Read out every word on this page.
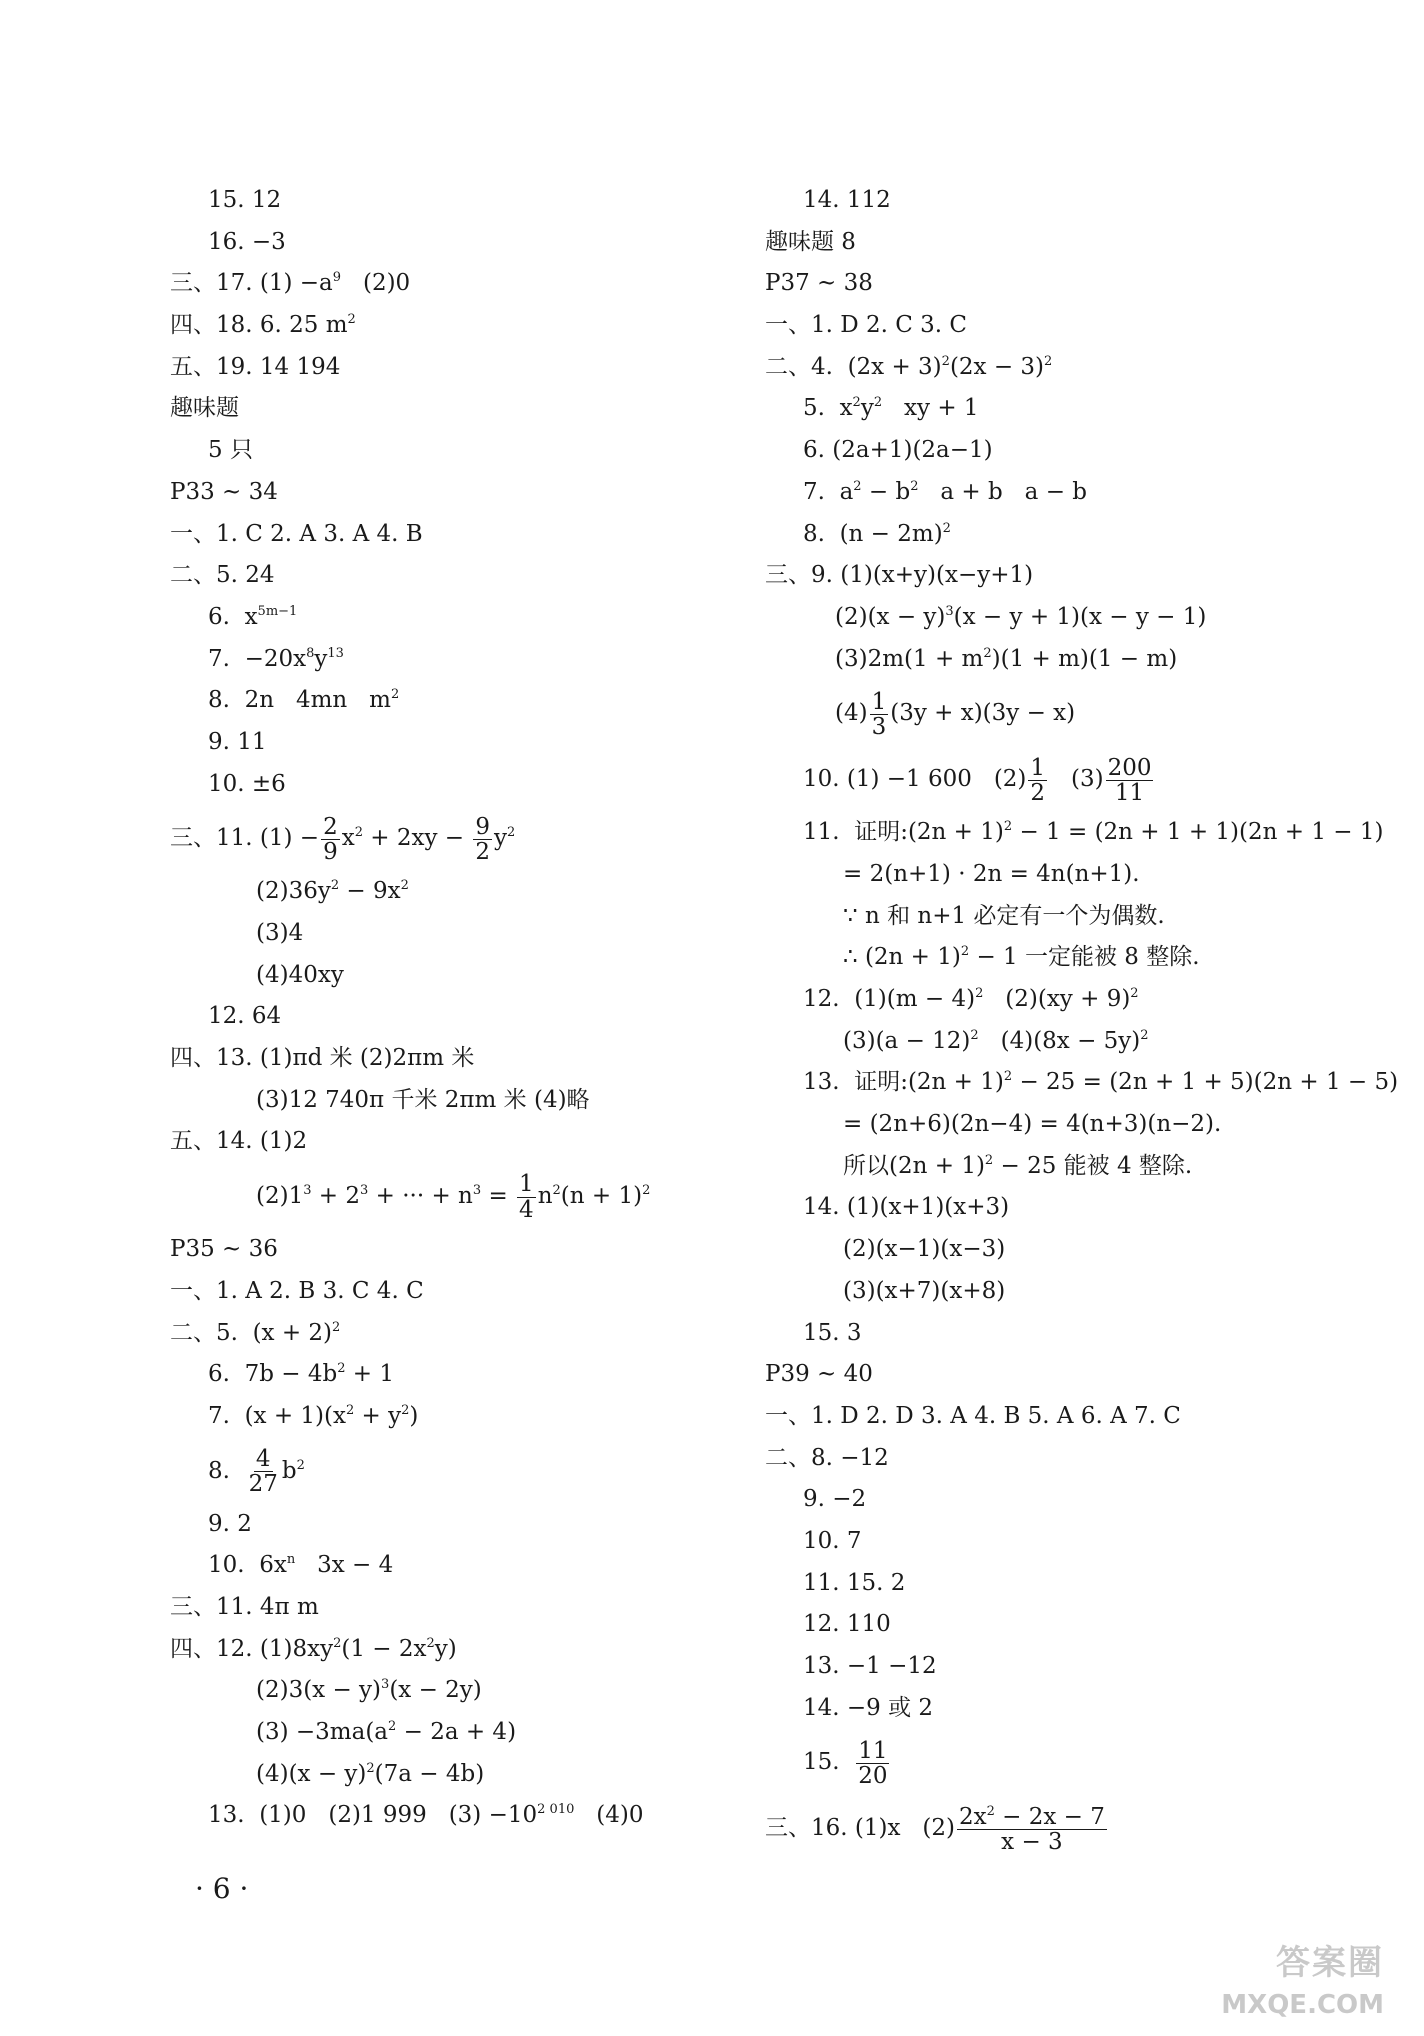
15. 12
16. −3
三、17. $(1) -a^9$   (2)0
四、18. 6. 25 $m^2$
五、19. 14 194
趣味题
5 只
P33 ~ 34
一、1. C 2. A 3. A 4. B
二、5. 24
6.  $x^{5m-1}$
7.  $-20x^8y^{13}$
8.  2n   4mn   $m^2$
9. 11
10. ±6
三、11. $(1) - \frac{2}{9} x^2 + 2xy - \frac{9}{2} y^2$
$(2)36y^2 - 9x^2$
(3)4
(4)40xy
12. 64
四、13. (1)πd 米 (2)2πm 米
(3)12 740π 千米 2πm 米 (4)略
五、14. (1)2
$(2)1^3 + 2^3$ + ··· + $n^3 = \frac{1}{4} n^2(n + 1)^2$
P35 ~ 36
一、1. A 2. B 3. C 4. C
二、5.  $(x + 2)^2$
6.  $7b - 4b^2 + 1$
7.  $(x + 1)(x^2 + y^2)$
8. $\frac{4}{27} b^2$
9. 2
10.  $6x^n$   3x − 4
三、11. 4π m
四、12. $(1)8xy^2(1 - 2x^2y)$
$(2)3(x - y)^3(x - 2y)$
$(3) -3ma(a^2 - 2a + 4)$
$(4)(x - y)^2(7a - 4b)$
13.  (1)0   (2)1 999   $(3) -10^{2 010}$   (4)0
14. 112
趣味题 8
P37 ~ 38
一、1. D 2. C 3. C
二、4.  $(2x + 3)^2(2x - 3)^2$
5.  $x^2y^2$   xy + 1
6. (2a+1)(2a−1)
7.  $a^2 - b^2$   a + b   a − b
8.  $(n - 2m)^2$
三、9. (1)(x+y)(x−y+1)
$(2)(x - y)^3(x - y + 1)(x - y - 1)$
$(3)2m(1 + m^2)(1 + m)(1 - m)$
$(4) \frac{1}{3} (3y + x)(3y - x)$
10. (1) −1 600   $(2) \frac{1}{2} (3) \frac{200}{11}$
11.  证明:(2n + 1)$^2$ − 1 = (2n + 1 + 1)(2n + 1 − 1)
= 2(n+1) · 2n = 4n(n+1).
∵ n 和 n+1 必定有一个为偶数.
∴ $(2n + 1)^2 - 1$ 一定能被 8 整除.
12.  $(1)(m - 4)^2$   (2)(xy + 9)$^2$
$(3)(a - 12)^2$   $(4)(8x - 5y)^2$
13.  证明:(2n + 1)$^2$ − 25 = (2n + 1 + 5)(2n + 1 − 5)
= (2n+6)(2n−4) = 4(n+3)(n−2).
所以$(2n + 1)^2 - 25$ 能被 4 整除.
14. (1)(x+1)(x+3)
(2)(x−1)(x−3)
(3)(x+7)(x+8)
15. 3
P39 ~ 40
一、1. D 2. D 3. A 4. B 5. A 6. A 7. C
二、8. −12
9. −2
10. 7
11. 15. 2
12. 110
13. −1 −12
14. −9 或 2
15. $\frac{11}{20}$
三、16. (1)x   $(2) \frac{2x^2 - 2x - 7}{x - 3}$
· 6 ·
答案圈
MXQE.COM
